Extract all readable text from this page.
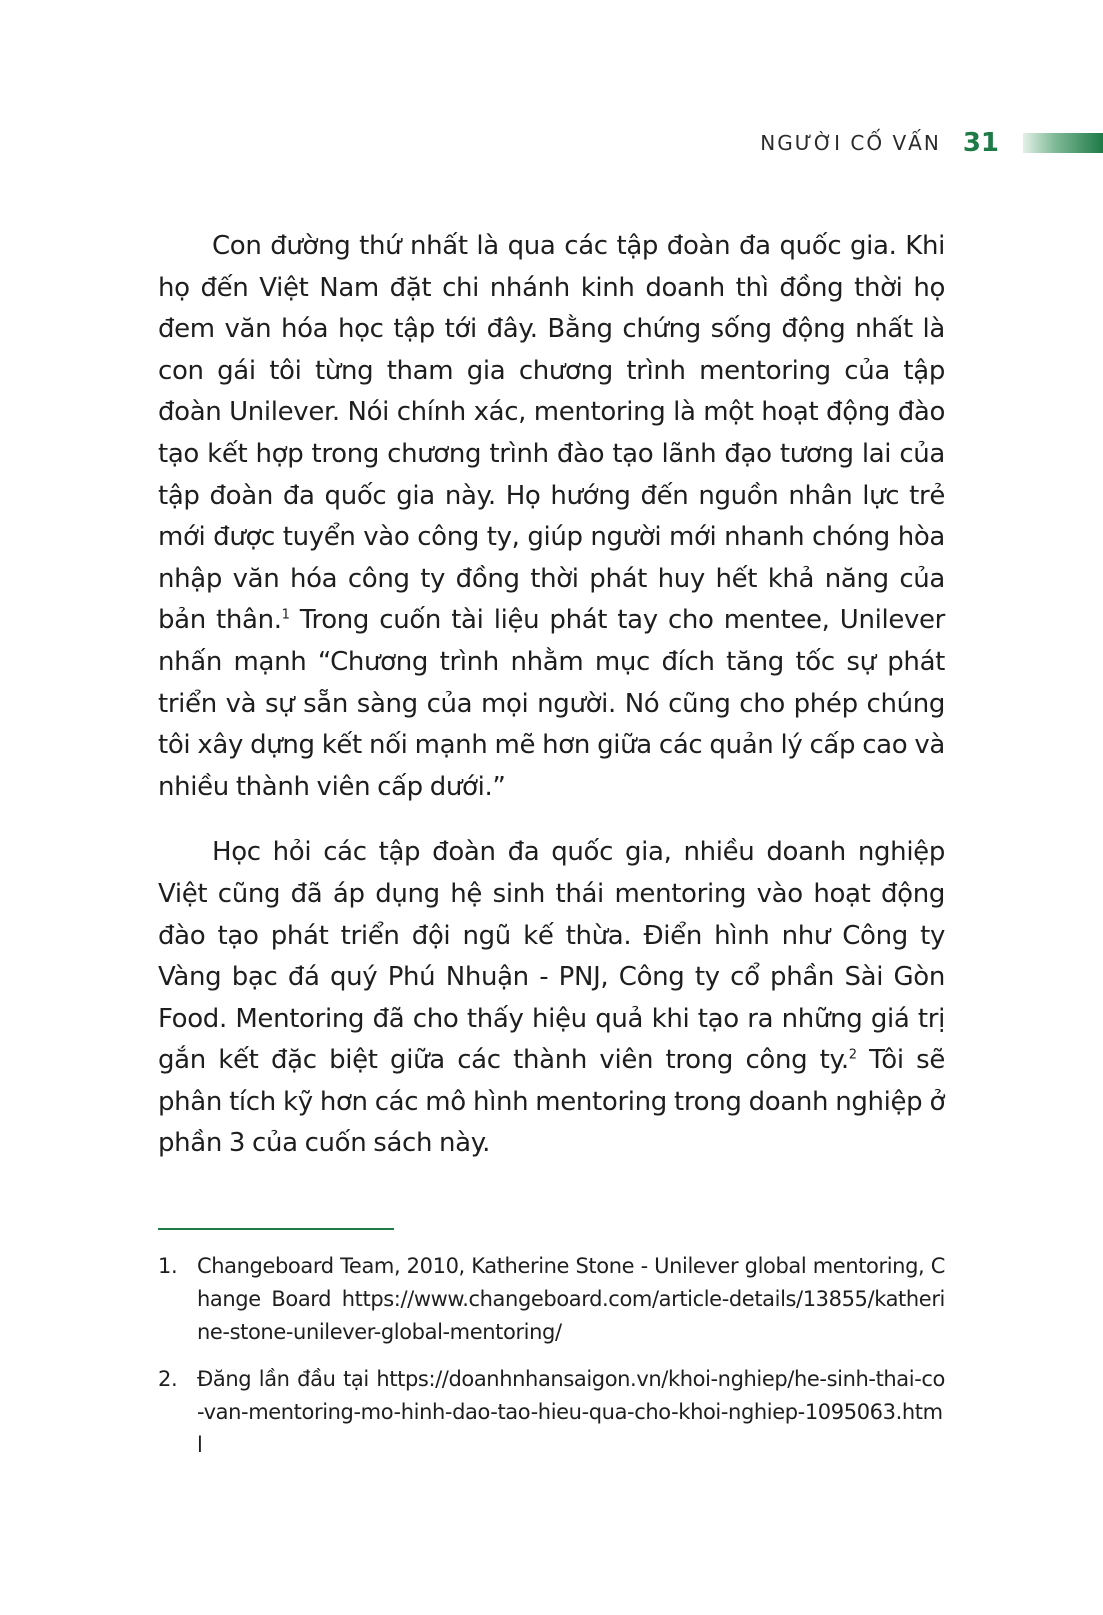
NGƯỜI CỐ VẤN 31

Con đường thứ nhất là qua các tập đoàn đa quốc gia. Khi họ đến Việt Nam đặt chi nhánh kinh doanh thì đồng thời họ đem văn hóa học tập tới đây. Bằng chứng sống động nhất là con gái tôi từng tham gia chương trình mentoring của tập đoàn Unilever. Nói chính xác, mentoring là một hoạt động đào tạo kết hợp trong chương trình đào tạo lãnh đạo tương lai của tập đoàn đa quốc gia này. Họ hướng đến nguồn nhân lực trẻ mới được tuyển vào công ty, giúp người mới nhanh chóng hòa nhập văn hóa công ty đồng thời phát huy hết khả năng của bản thân.$^1$ Trong cuốn tài liệu phát tay cho mentee, Unilever nhấn mạnh “Chương trình nhằm mục đích tăng tốc sự phát triển và sự sẵn sàng của mọi người. Nó cũng cho phép chúng tôi xây dựng kết nối mạnh mẽ hơn giữa các quản lý cấp cao và nhiều thành viên cấp dưới.”

Học hỏi các tập đoàn đa quốc gia, nhiều doanh nghiệp Việt cũng đã áp dụng hệ sinh thái mentoring vào hoạt động đào tạo phát triển đội ngũ kế thừa. Điển hình như Công ty Vàng bạc đá quý Phú Nhuận - PNJ, Công ty cổ phần Sài Gòn Food. Mentoring đã cho thấy hiệu quả khi tạo ra những giá trị gắn kết đặc biệt giữa các thành viên trong công ty.$^2$ Tôi sẽ phân tích kỹ hơn các mô hình mentoring trong doanh nghiệp ở phần 3 của cuốn sách này.

1. Changeboard Team, 2010, Katherine Stone - Unilever global mentoring, Change Board https://www.changeboard.com/article-details/13855/katherine-stone-unilever-global-mentoring/
2. Đăng lần đầu tại https://doanhnhansaigon.vn/khoi-nghiep/he-sinh-thai-co-van-mentoring-mo-hinh-dao-tao-hieu-qua-cho-khoi-nghiep-1095063.html
